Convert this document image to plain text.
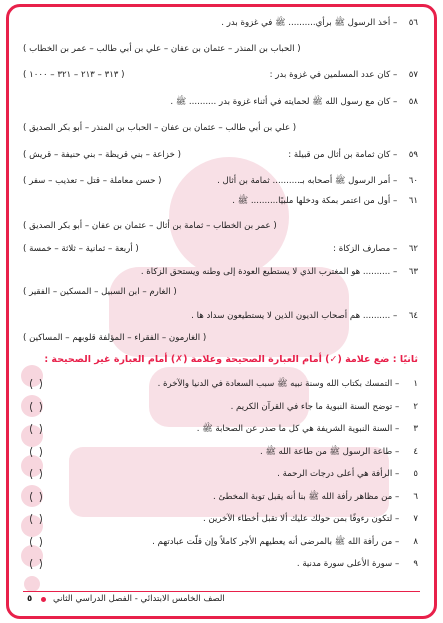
٥٦ – أخذ الرسول ﷺ برأي.......... ﷺ في غزوة بدر .
( الحباب بن المنذر – عثمان بن عفان – علي بن أبي طالب – عمر بن الخطاب )
٥٧ – كان عدد المسلمين في غزوة بدر :
( ٣١٣ – ٢١٣ – ٣٢١ – ١٠٠٠ )
٥٨ – كان مع رسول الله ﷺ لحمايته في أثناء غزوة بدر .......... ﷺ .
( علي بن أبي طالب – عثمان بن عفان – الحباب بن المنذر – أبو بكر الصديق )
٥٩ – كان ثمامة بن أثال من قبيلة :
( خزاعة – بني قريظة – بني حنيفة – قريش )
٦٠ – أمر الرسول ﷺ أصحابه بـ.......... ثمامة بن أثال .
( حسن معاملة – قتل – تعذيب – سفر )
٦١ – أول من اعتمر بمكة ودخلها ملبيًا.......... ﷺ .
( عمر بن الخطاب – ثمامة بن أثال – عثمان بن عفان – أبو بكر الصديق )
٦٢ – مصارف الزكاة :
( أربعة – ثمانية – ثلاثة – خمسة )
٦٣ – .......... هو المغترب الذي لا يستطيع العودة إلى وطنه ويستحق الزكاة .
( الغارم – ابن السبيل – المسكين – الفقير )
٦٤ – .......... هم أصحاب الديون الذين لا يستطيعون سداد ها .
( الغارمون – الفقراء – المؤلفة قلوبهم – المساكين )
ثانيًا : ضع علامة (✓) أمام العبارة الصحيحة وعلامة (✗) أمام العبارة غير الصحيحة :
١ – التمسك بكتاب الله وسنة نبيه ﷺ سبب السعادة في الدنيا والآخرة .
٢ – توضح السنة النبوية ما جاء في القرآن الكريم .
٣ – السنة النبوية الشريفة هي كل ما صدر عن الصحابة ﷺ .
٤ – طاعة الرسول ﷺ من طاعة الله ﷺ .
٥ – الرأفة هي أعلى درجات الرحمة .
٦ – من مظاهر رأفة الله ﷺ بنا أنه يقبل توبة المخطئ .
٧ – لتكون رءوفًا بمن حولك عليك ألا تقبل أخطاء الآخرين .
٨ – من رأفة الله ﷺ بالمرضى أنه يعطيهم الأجر كاملاً وإن قلّت عبادتهم .
٩ – سورة الأعلى سورة مدنية .
٥ الصف الخامس الابتدائي - الفصل الدراسي الثاني
